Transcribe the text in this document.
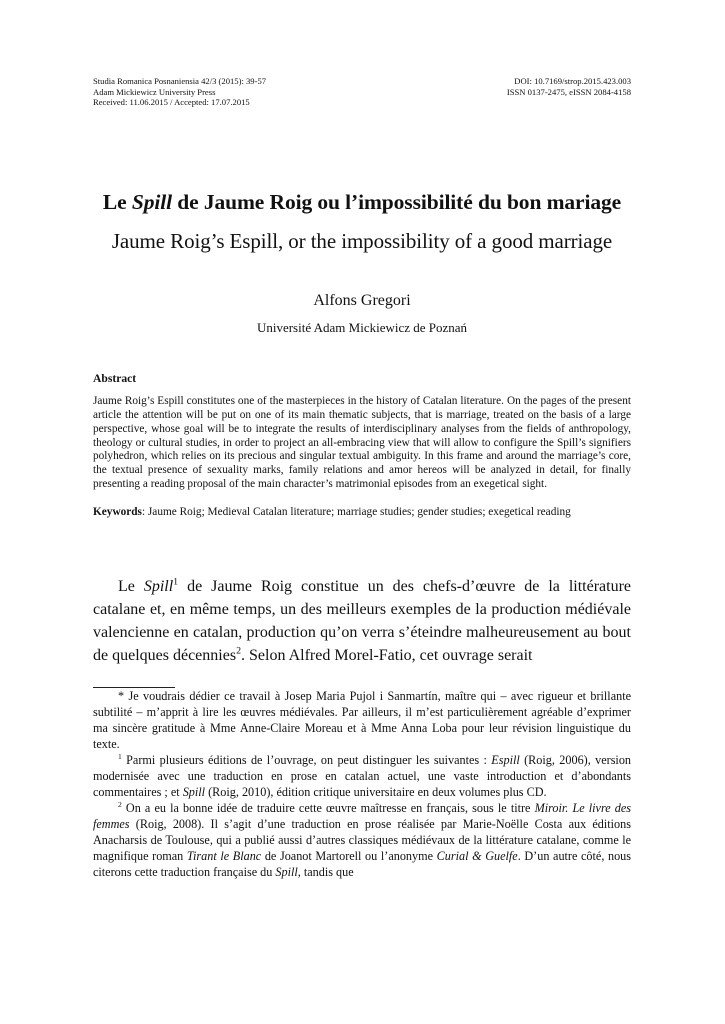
Studia Romanica Posnaniensia 42/3 (2015): 39-57
Adam Mickiewicz University Press
Received: 11.06.2015 / Accepted: 17.07.2015
DOI: 10.7169/strop.2015.423.003
ISSN 0137-2475, eISSN 2084-4158
Le Spill de Jaume Roig ou l’impossibilité du bon mariage
Jaume Roig’s Espill, or the impossibility of a good marriage
Alfons Gregori
Université Adam Mickiewicz de Poznań
Abstract
Jaume Roig’s Espill constitutes one of the masterpieces in the history of Catalan literature. On the pages of the present article the attention will be put on one of its main thematic subjects, that is marriage, treated on the basis of a large perspective, whose goal will be to integrate the results of interdisciplinary analyses from the fields of anthropology, theology or cultural studies, in order to project an all-embracing view that will allow to configure the Spill’s signifiers polyhedron, which relies on its precious and singular textual ambiguity. In this frame and around the marriage’s core, the textual presence of sexuality marks, family relations and amor hereos will be analyzed in detail, for finally presenting a reading proposal of the main character’s matrimonial episodes from an exegetical sight.
Keywords: Jaume Roig; Medieval Catalan literature; marriage studies; gender studies; exegetical reading
Le Spill$^1$ de Jaume Roig constitue un des chefs-d’œuvre de la littérature catalane et, en même temps, un des meilleurs exemples de la production médiévale valencienne en catalan, production qu’on verra s’éteindre malheureusement au bout de quelques décennies$^2$. Selon Alfred Morel-Fatio, cet ouvrage serait
* Je voudrais dédier ce travail à Josep Maria Pujol i Sanmartín, maître qui – avec rigueur et brillante subtilité – m’apprit à lire les œuvres médiévales. Par ailleurs, il m’est particulièrement agréable d’exprimer ma sincère gratitude à Mme Anne-Claire Moreau et à Mme Anna Loba pour leur révision linguistique du texte.
$^1$ Parmi plusieurs éditions de l’ouvrage, on peut distinguer les suivantes : Espill (Roig, 2006), version modernisée avec une traduction en prose en catalan actuel, une vaste introduction et d’abondants commentaires ; et Spill (Roig, 2010), édition critique universitaire en deux volumes plus CD.
$^2$ On a eu la bonne idée de traduire cette œuvre maîtresse en français, sous le titre Miroir. Le livre des femmes (Roig, 2008). Il s’agit d’une traduction en prose réalisée par Marie-Noëlle Costa aux éditions Anacharsis de Toulouse, qui a publié aussi d’autres classiques médiévaux de la littérature catalane, comme le magnifique roman Tirant le Blanc de Joanot Martorell ou l’anonyme Curial & Guelfe. D’un autre côté, nous citerons cette traduction française du Spill, tandis que
